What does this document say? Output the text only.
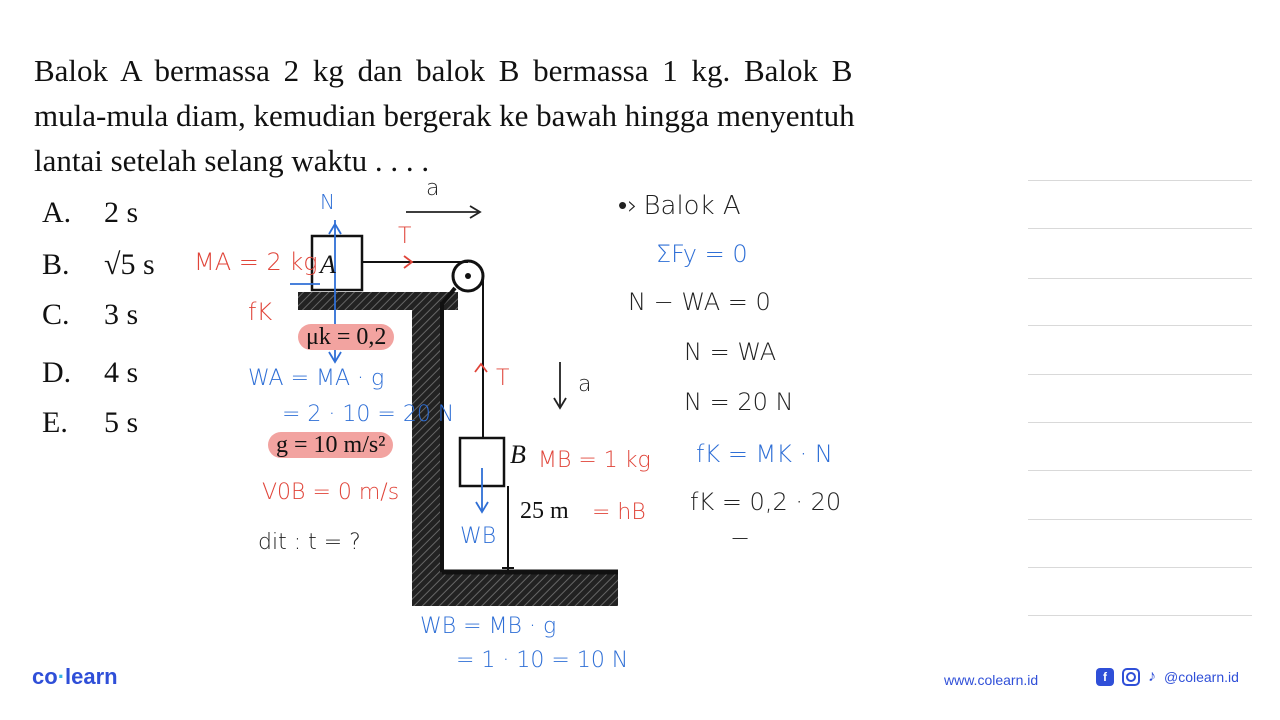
Balok A bermassa 2 kg dan balok B bermassa 1 kg. Balok B
mula-mula diam, kemudian bergerak ke bawah hingga menyentuh
lantai setelah selang waktu . . . .
A. 2 s
B. √5 s
C. 3 s
D. 4 s
E. 5 s
A
B
μk = 0,2
g = 10 m/s²
25 m
a
N
T
MA = 2 kg
fK
WA = MA · g
= 2 · 10 = 20 N
V0B = 0 m/s
dit : t = ?
T	a
MB = 1 kg
= hB
WB
WB = MB · g
= 1 · 10 = 10 N
•› Balok A
ΣFy = 0
N − WA = 0
N = WA
N = 20 N
fK = MK · N
fK = 0,2 · 20
−
co·learn	www.colearn.id	f	♪ @colearn.id
